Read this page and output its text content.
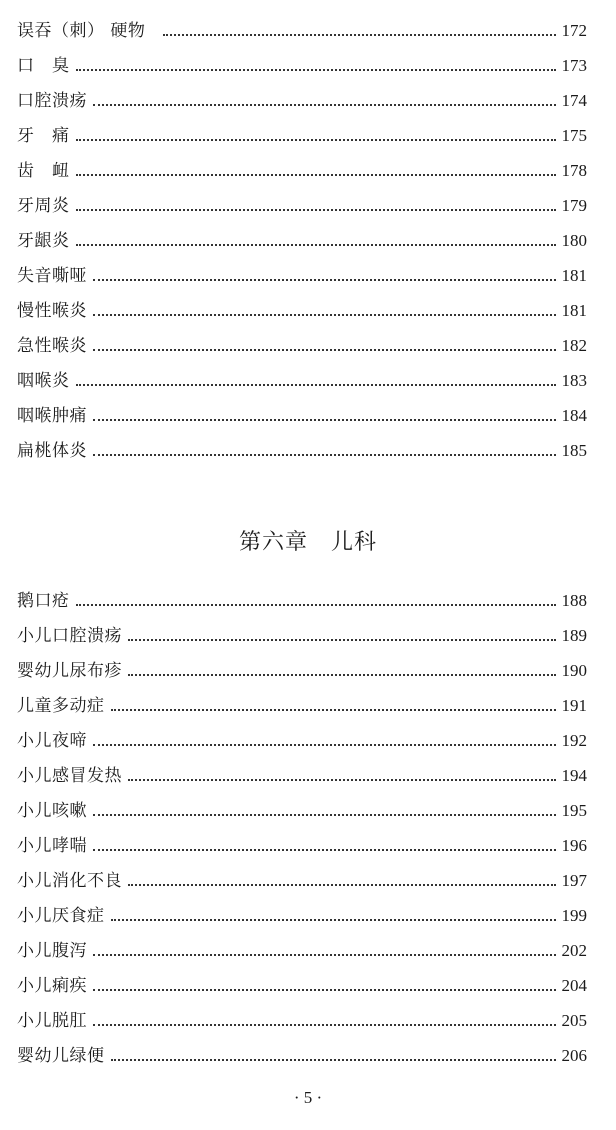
误吞（刺） 硬物	172
口　臭	173
口腔溃疡	174
牙　痛	175
齿　衄	178
牙周炎	179
牙龈炎	180
失音嘶哑	181
慢性喉炎	181
急性喉炎	182
咽喉炎	183
咽喉肿痛	184
扁桃体炎	185
第六章　儿科
鹅口疮	188
小儿口腔溃疡	189
婴幼儿尿布疹	190
儿童多动症	191
小儿夜啼	192
小儿感冒发热	194
小儿咳嗽	195
小儿哮喘	196
小儿消化不良	197
小儿厌食症	199
小儿腹泻	202
小儿痢疾	204
小儿脱肛	205
婴幼儿绿便	206
· 5 ·
